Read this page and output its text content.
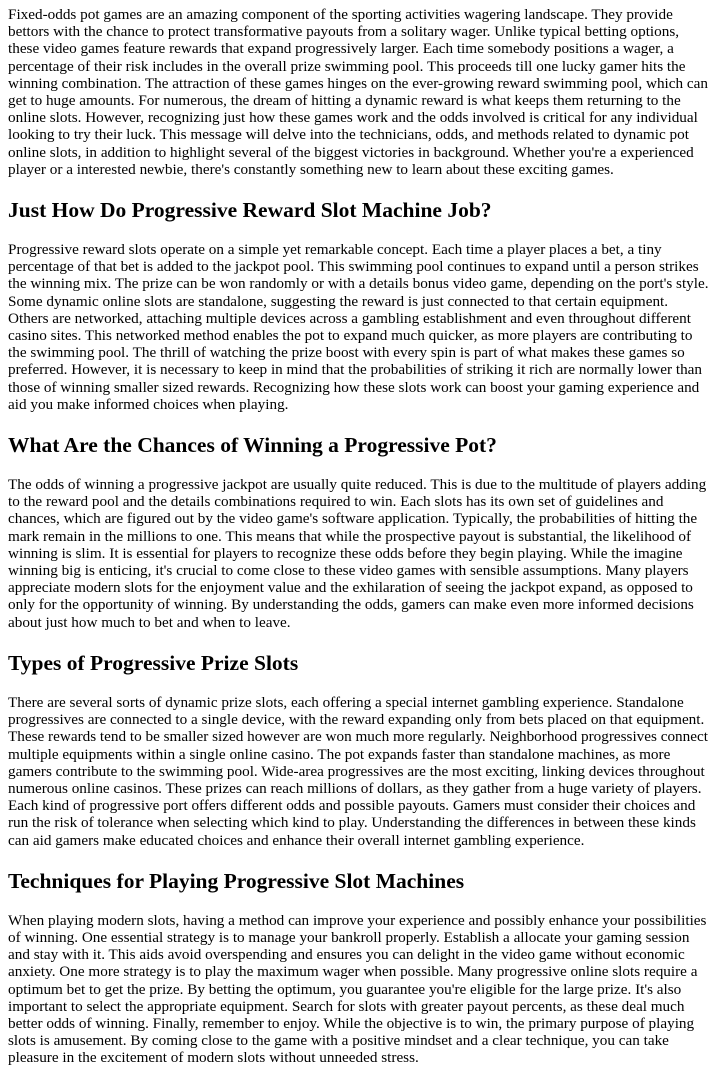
Fixed-odds pot games are an amazing component of the sporting activities wagering landscape. They provide bettors with the chance to protect transformative payouts from a solitary wager. Unlike typical betting options, these video games feature rewards that expand progressively larger. Each time somebody positions a wager, a percentage of their risk includes in the overall prize swimming pool. This proceeds till one lucky gamer hits the winning combination. The attraction of these games hinges on the ever-growing reward swimming pool, which can get to huge amounts. For numerous, the dream of hitting a dynamic reward is what keeps them returning to the online slots. However, recognizing just how these games work and the odds involved is critical for any individual looking to try their luck. This message will delve into the technicians, odds, and methods related to dynamic pot online slots, in addition to highlight several of the biggest victories in background. Whether you're a experienced player or a interested newbie, there's constantly something new to learn about these exciting games.

Just How Do Progressive Reward Slot Machine Job?

Progressive reward slots operate on a simple yet remarkable concept. Each time a player places a bet, a tiny percentage of that bet is added to the jackpot pool. This swimming pool continues to expand until a person strikes the winning mix. The prize can be won randomly or with a details bonus video game, depending on the port's style. Some dynamic online slots are standalone, suggesting the reward is just connected to that certain equipment. Others are networked, attaching multiple devices across a gambling establishment and even throughout different casino sites. This networked method enables the pot to expand much quicker, as more players are contributing to the swimming pool. The thrill of watching the prize boost with every spin is part of what makes these games so preferred. However, it is necessary to keep in mind that the probabilities of striking it rich are normally lower than those of winning smaller sized rewards. Recognizing how these slots work can boost your gaming experience and aid you make informed choices when playing.

What Are the Chances of Winning a Progressive Pot?

The odds of winning a progressive jackpot are usually quite reduced. This is due to the multitude of players adding to the reward pool and the details combinations required to win. Each slots has its own set of guidelines and chances, which are figured out by the video game's software application. Typically, the probabilities of hitting the mark remain in the millions to one. This means that while the prospective payout is substantial, the likelihood of winning is slim. It is essential for players to recognize these odds before they begin playing. While the imagine winning big is enticing, it's crucial to come close to these video games with sensible assumptions. Many players appreciate modern slots for the enjoyment value and the exhilaration of seeing the jackpot expand, as opposed to only for the opportunity of winning. By understanding the odds, gamers can make even more informed decisions about just how much to bet and when to leave.

Types of Progressive Prize Slots

There are several sorts of dynamic prize slots, each offering a special internet gambling experience. Standalone progressives are connected to a single device, with the reward expanding only from bets placed on that equipment. These rewards tend to be smaller sized however are won much more regularly. Neighborhood progressives connect multiple equipments within a single online casino. The pot expands faster than standalone machines, as more gamers contribute to the swimming pool. Wide-area progressives are the most exciting, linking devices throughout numerous online casinos. These prizes can reach millions of dollars, as they gather from a huge variety of players. Each kind of progressive port offers different odds and possible payouts. Gamers must consider their choices and run the risk of tolerance when selecting which kind to play. Understanding the differences in between these kinds can aid gamers make educated choices and enhance their overall internet gambling experience.

Techniques for Playing Progressive Slot Machines

When playing modern slots, having a method can improve your experience and possibly enhance your possibilities of winning. One essential strategy is to manage your bankroll properly. Establish a allocate your gaming session and stay with it. This aids avoid overspending and ensures you can delight in the video game without economic anxiety. One more strategy is to play the maximum wager when possible. Many progressive online slots require a optimum bet to get the prize. By betting the optimum, you guarantee you're eligible for the large prize. It's also important to select the appropriate equipment. Search for slots with greater payout percents, as these deal much better odds of winning. Finally, remember to enjoy. While the objective is to win, the primary purpose of playing slots is amusement. By coming close to the game with a positive mindset and a clear technique, you can take pleasure in the excitement of modern slots without unneeded stress.
